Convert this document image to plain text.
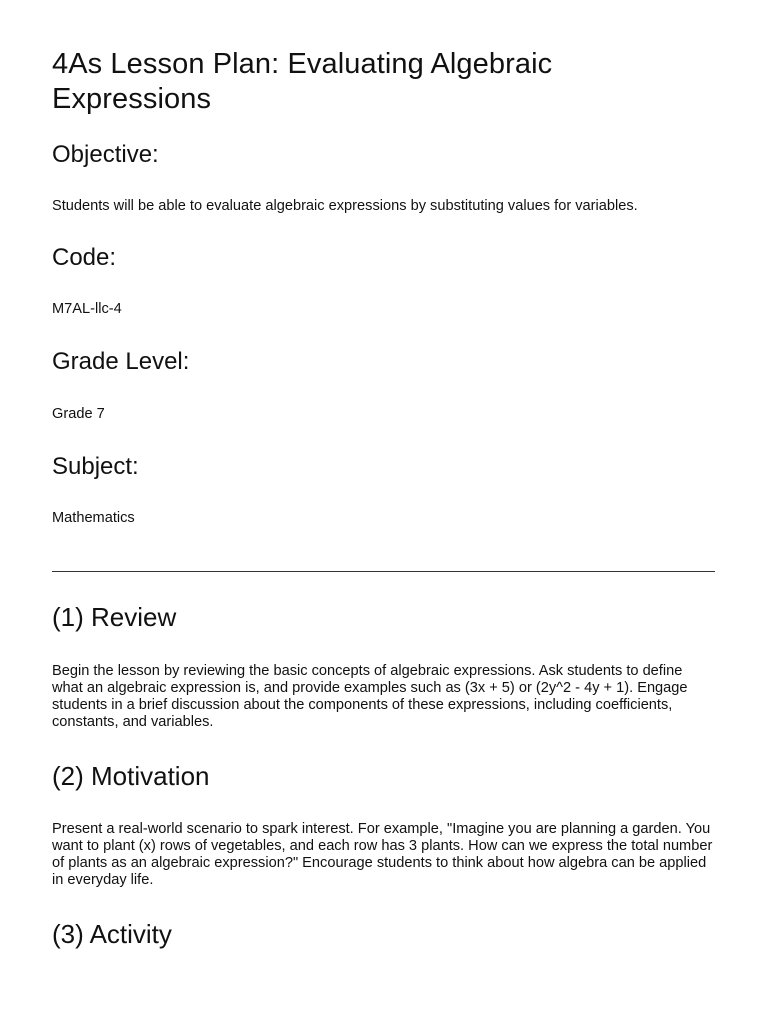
4As Lesson Plan: Evaluating Algebraic Expressions
Objective:

Students will be able to evaluate algebraic expressions by substituting values for variables.

Code:

M7AL-llc-4

Grade Level:

Grade 7

Subject:

Mathematics

(1) Review

Begin the lesson by reviewing the basic concepts of algebraic expressions. Ask students to define what an algebraic expression is, and provide examples such as (3x + 5) or (2y^2 - 4y + 1). Engage students in a brief discussion about the components of these expressions, including coefficients, constants, and variables.

(2) Motivation

Present a real-world scenario to spark interest. For example, "Imagine you are planning a garden. You want to plant (x) rows of vegetables, and each row has 3 plants. How can we express the total number of plants as an algebraic expression?" Encourage students to think about how algebra can be applied in everyday life.

(3) Activity
